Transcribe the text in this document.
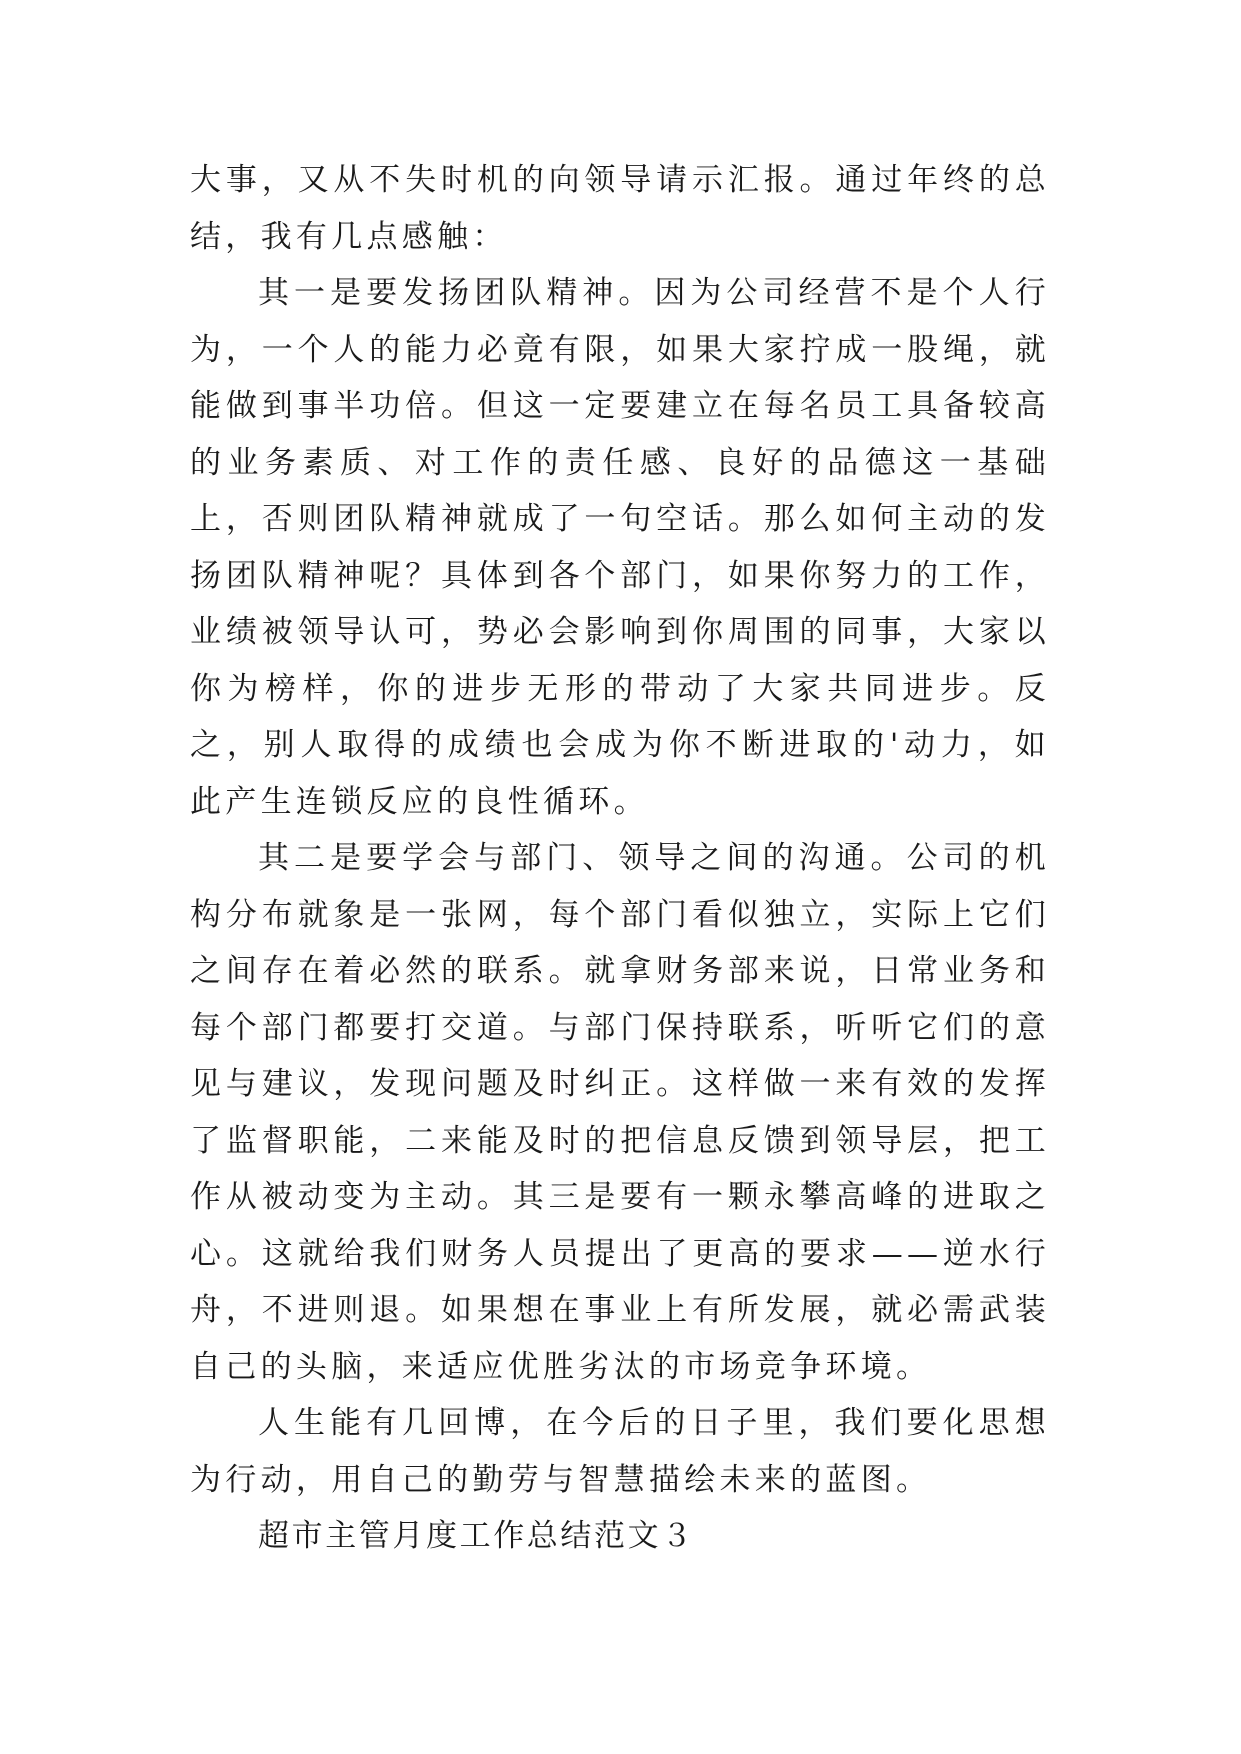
大事，又从不失时机的向领导请示汇报。通过年终的总结，我有几点感触：

其一是要发扬团队精神。因为公司经营不是个人行为，一个人的能力必竟有限，如果大家拧成一股绳，就能做到事半功倍。但这一定要建立在每名员工具备较高的业务素质、对工作的责任感、良好的品德这一基础上，否则团队精神就成了一句空话。那么如何主动的发扬团队精神呢？具体到各个部门，如果你努力的工作，业绩被领导认可，势必会影响到你周围的同事，大家以你为榜样，你的进步无形的带动了大家共同进步。反之，别人取得的成绩也会成为你不断进取的'动力，如此产生连锁反应的良性循环。

其二是要学会与部门、领导之间的沟通。公司的机构分布就象是一张网，每个部门看似独立，实际上它们之间存在着必然的联系。就拿财务部来说，日常业务和每个部门都要打交道。与部门保持联系，听听它们的意见与建议，发现问题及时纠正。这样做一来有效的发挥了监督职能，二来能及时的把信息反馈到领导层，把工作从被动变为主动。其三是要有一颗永攀高峰的进取之心。这就给我们财务人员提出了更高的要求——逆水行舟，不进则退。如果想在事业上有所发展，就必需武装自己的头脑，来适应优胜劣汰的市场竞争环境。

人生能有几回博，在今后的日子里，我们要化思想为行动，用自己的勤劳与智慧描绘未来的蓝图。

超市主管月度工作总结范文３
